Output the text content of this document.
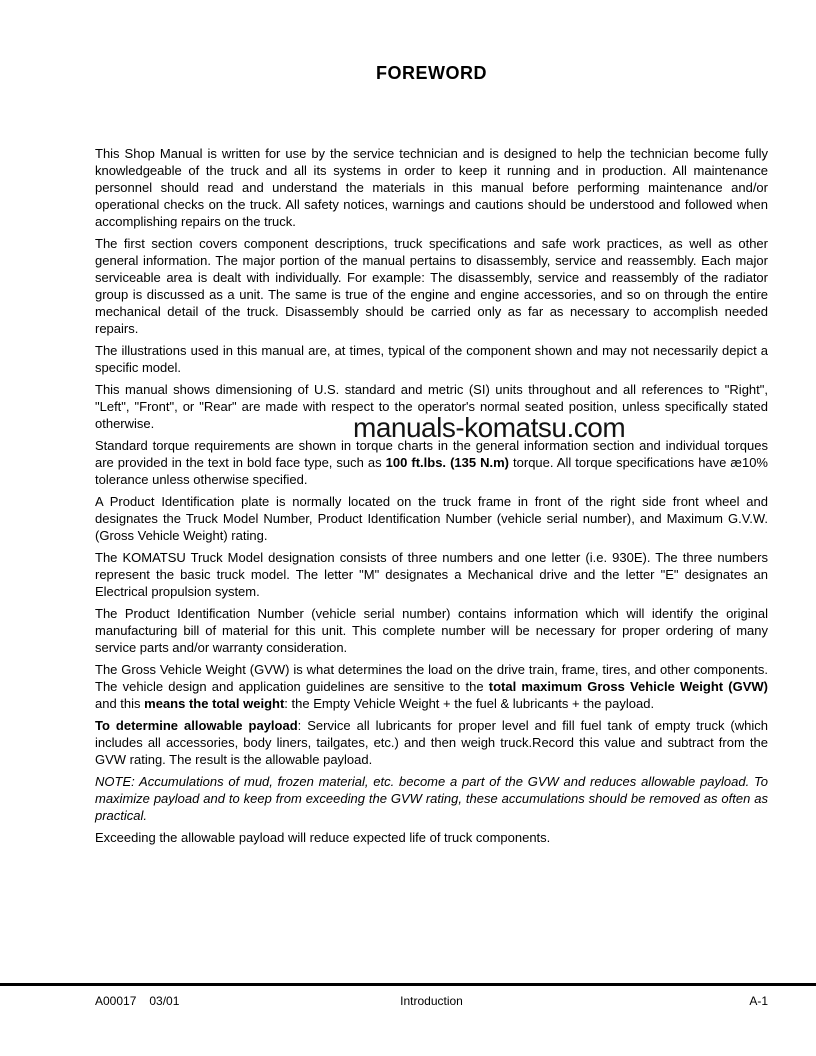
FOREWORD
manuals-komatsu.com

This Shop Manual is written for use by the service technician and is designed to help the technician become fully knowledgeable of the truck and all its systems in order to keep it running and in production. All maintenance personnel should read and understand the materials in this manual before performing maintenance and/or operational checks on the truck. All safety notices, warnings and cautions should be understood and followed when accomplishing repairs on the truck.

The first section covers component descriptions, truck specifications and safe work practices, as well as other general information. The major portion of the manual pertains to disassembly, service and reassembly. Each major serviceable area is dealt with individually. For example: The disassembly, service and reassembly of the radiator group is discussed as a unit. The same is true of the engine and engine accessories, and so on through the entire mechanical detail of the truck. Disassembly should be carried only as far as necessary to accomplish needed repairs.

The illustrations used in this manual are, at times, typical of the component shown and may not necessarily depict a specific model.

This manual shows dimensioning of U.S. standard and metric (SI) units throughout and all references to "Right", "Left", "Front", or "Rear" are made with respect to the operator's normal seated position, unless specifically stated otherwise.

Standard torque requirements are shown in torque charts in the general information section and individual torques are provided in the text in bold face type, such as 100 ft.lbs. (135 N.m) torque. All torque specifications have æ10% tolerance unless otherwise specified.

A Product Identification plate is normally located on the truck frame in front of the right side front wheel and designates the Truck Model Number, Product Identification Number (vehicle serial number), and Maximum G.V.W. (Gross Vehicle Weight) rating.

The KOMATSU Truck Model designation consists of three numbers and one letter (i.e. 930E). The three numbers represent the basic truck model. The letter "M" designates a Mechanical drive and the letter "E" designates an Electrical propulsion system.

The Product Identification Number (vehicle serial number) contains information which will identify the original manufacturing bill of material for this unit. This complete number will be necessary for proper ordering of many service parts and/or warranty consideration.

The Gross Vehicle Weight (GVW) is what determines the load on the drive train, frame, tires, and other components. The vehicle design and application guidelines are sensitive to the total maximum Gross Vehicle Weight (GVW) and this means the total weight: the Empty Vehicle Weight + the fuel & lubricants + the payload.

To determine allowable payload: Service all lubricants for proper level and fill fuel tank of empty truck (which includes all accessories, body liners, tailgates, etc.) and then weigh truck.Record this value and subtract from the GVW rating. The result is the allowable payload.

NOTE: Accumulations of mud, frozen material, etc. become a part of the GVW and reduces allowable payload. To maximize payload and to keep from exceeding the GVW rating, these accumulations should be removed as often as practical.

Exceeding the allowable payload will reduce expected life of truck components.

A00017 03/01	Introduction	A-1
